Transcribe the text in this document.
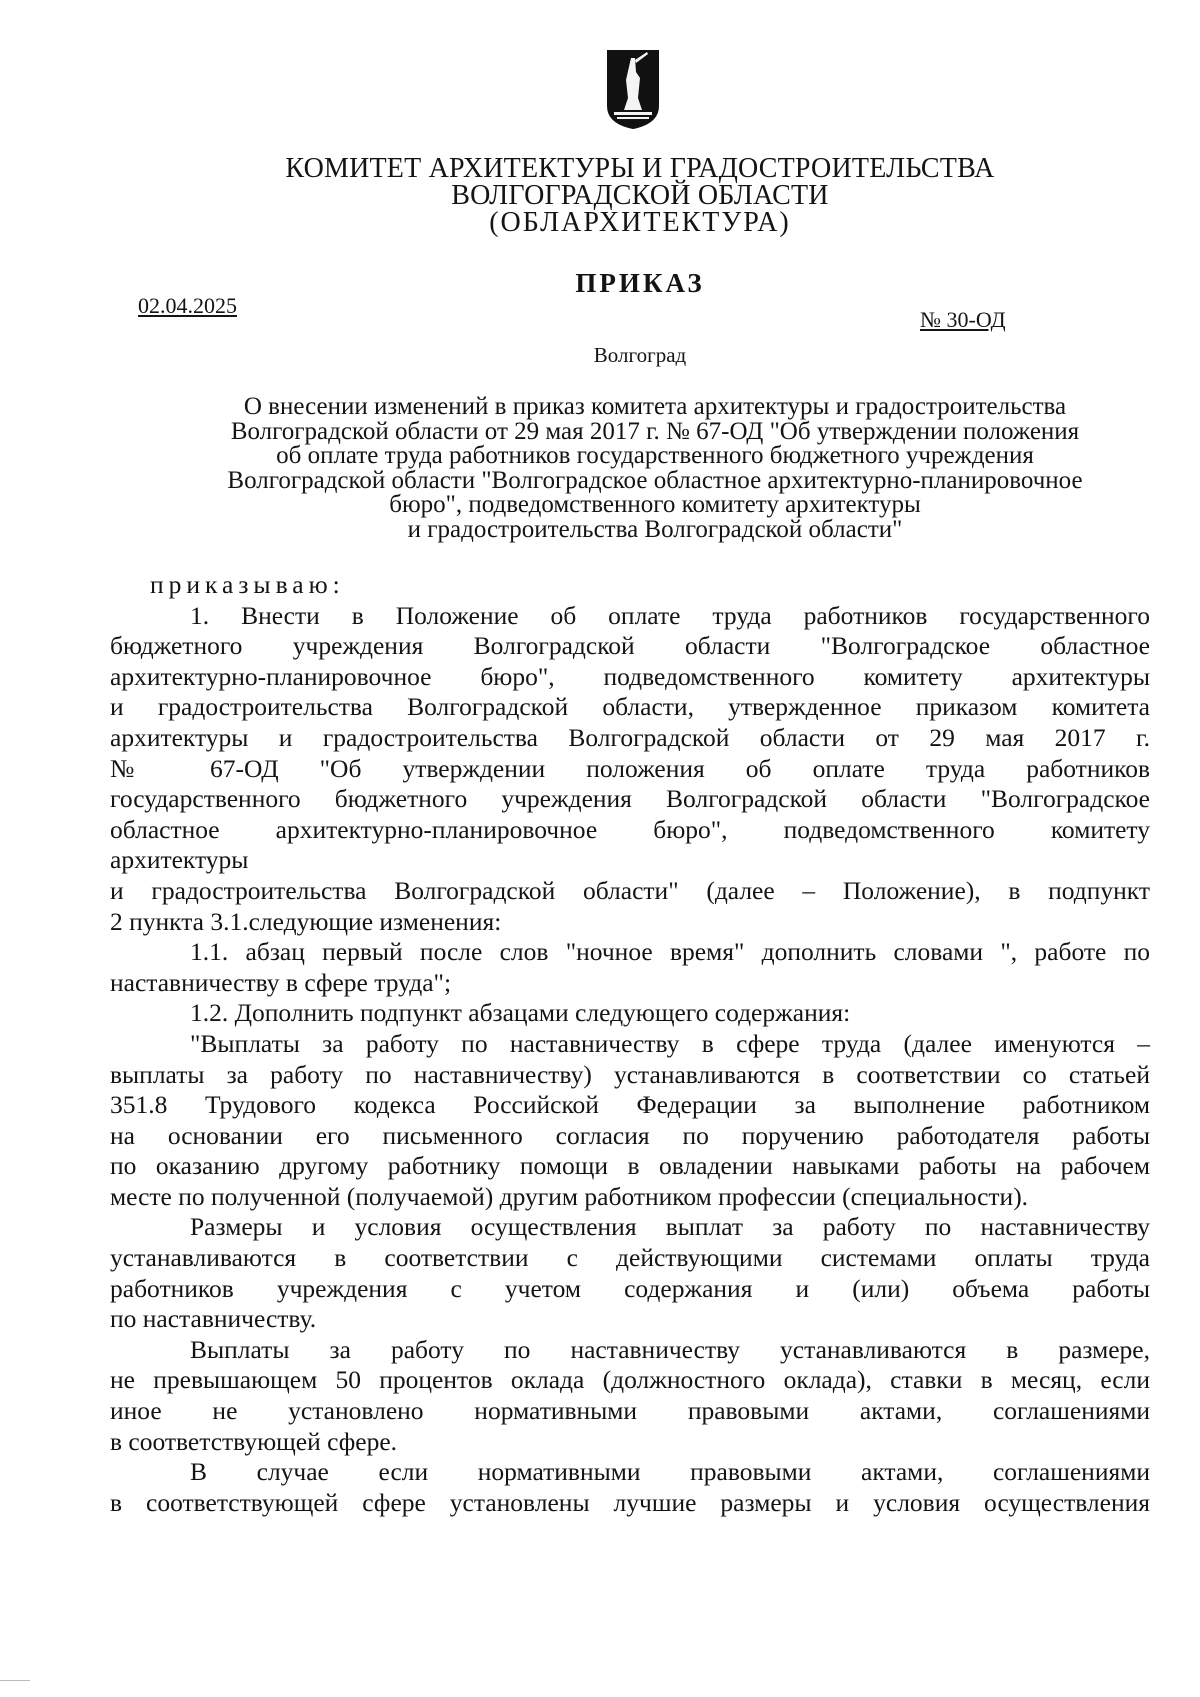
КОМИТЕТ АРХИТЕКТУРЫ И ГРАДОСТРОИТЕЛЬСТВА
ВОЛГОГРАДСКОЙ ОБЛАСТИ
(ОБЛАРХИТЕКТУРА)
ПРИКАЗ
02.04.2025
№ 30-ОД
Волгоград
О внесении изменений в приказ комитета архитектуры и градостроительства
Волгоградской области от 29 мая 2017 г. № 67-ОД "Об утверждении положения
об оплате труда работников государственного бюджетного учреждения
Волгоградской области "Волгоградское областное архитектурно-планировочное
бюро", подведомственного комитету архитектуры
и градостроительства Волгоградской области"

приказываю:

1. Внести в Положение об оплате труда работников государственного

бюджетного учреждения Волгоградской области "Волгоградское областное

архитектурно-планировочное бюро", подведомственного комитету архитектуры

и градостроительства Волгоградской области, утвержденное приказом комитета

архитектуры и градостроительства Волгоградской области от 29 мая 2017 г.

№ 67-ОД "Об утверждении положения об оплате труда работников

государственного бюджетного учреждения Волгоградской области "Волгоградское

областное архитектурно-планировочное бюро", подведомственного комитету

архитектуры

и градостроительства Волгоградской области" (далее – Положение), в подпункт

2 пункта 3.1.следующие изменения:

1.1. абзац первый после слов "ночное время" дополнить словами ", работе по

наставничеству в сфере труда";

1.2. Дополнить подпункт абзацами следующего содержания:

"Выплаты за работу по наставничеству в сфере труда (далее именуются –

выплаты за работу по наставничеству) устанавливаются в соответствии со статьей

351.8 Трудового кодекса Российской Федерации за выполнение работником

на основании его письменного согласия по поручению работодателя работы

по оказанию другому работнику помощи в овладении навыками работы на рабочем

месте по полученной (получаемой) другим работником профессии (специальности).

Размеры и условия осуществления выплат за работу по наставничеству

устанавливаются в соответствии с действующими системами оплаты труда

работников учреждения с учетом содержания и (или) объема работы

по наставничеству.

Выплаты за работу по наставничеству устанавливаются в размере,

не превышающем 50 процентов оклада (должностного оклада), ставки в месяц, если

иное не установлено нормативными правовыми актами, соглашениями

в соответствующей сфере.

В случае если нормативными правовыми актами, соглашениями

в соответствующей сфере установлены лучшие размеры и условия осуществления
